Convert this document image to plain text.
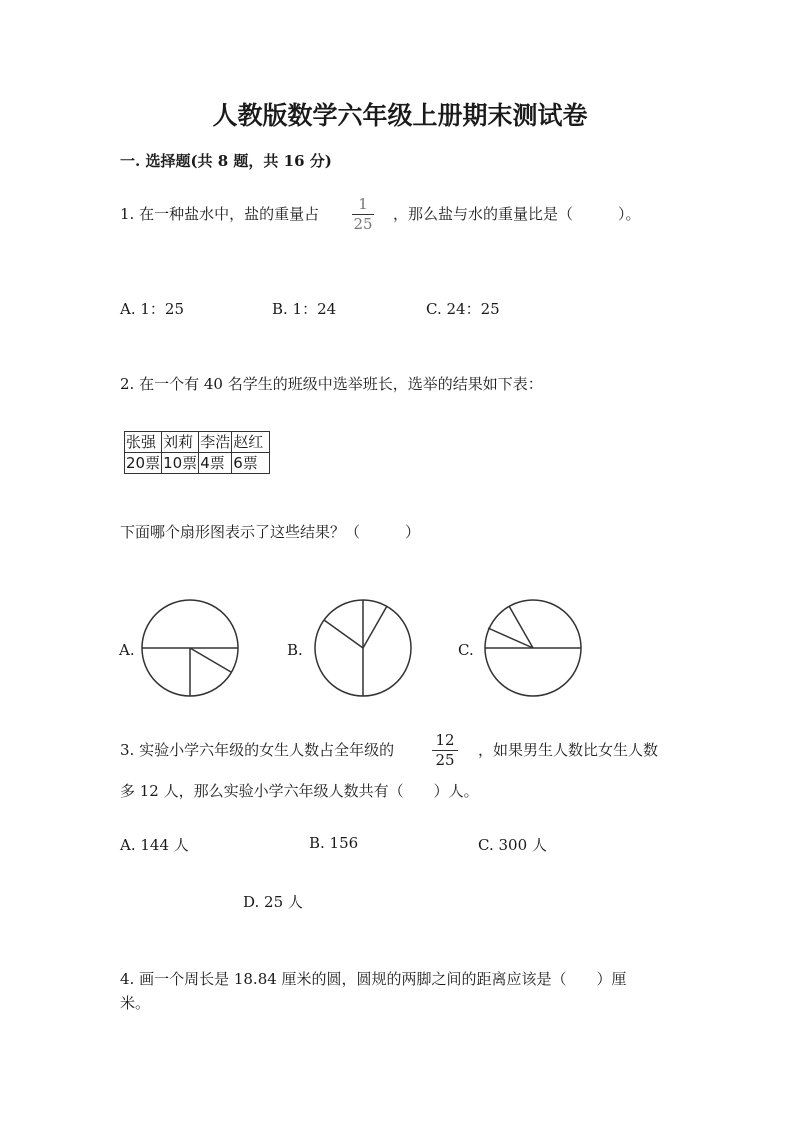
人教版数学六年级上册期末测试卷
一. 选择题(共 8 题，共 16 分)
1. 在一种盐水中，盐的重量占
1
25
，那么盐与水的重量比是（　　　）。
A. 1：25	B. 1：24	C. 24：25
2. 在一个有 40 名学生的班级中选举班长，选举的结果如下表：
张强	刘莉	李浩	赵红
20票	10票	4票	6票
下面哪个扇形图表示了这些结果？（　　　）
A.	B.	C.
3. 实验小学六年级的女生人数占全年级的
12
25
，如果男生人数比女生人数
多 12 人，那么实验小学六年级人数共有（　　）人。
A. 144 人	B. 156	C. 300 人
D. 25 人
4. 画一个周长是 18.84 厘米的圆，圆规的两脚之间的距离应该是（　　）厘
米。
